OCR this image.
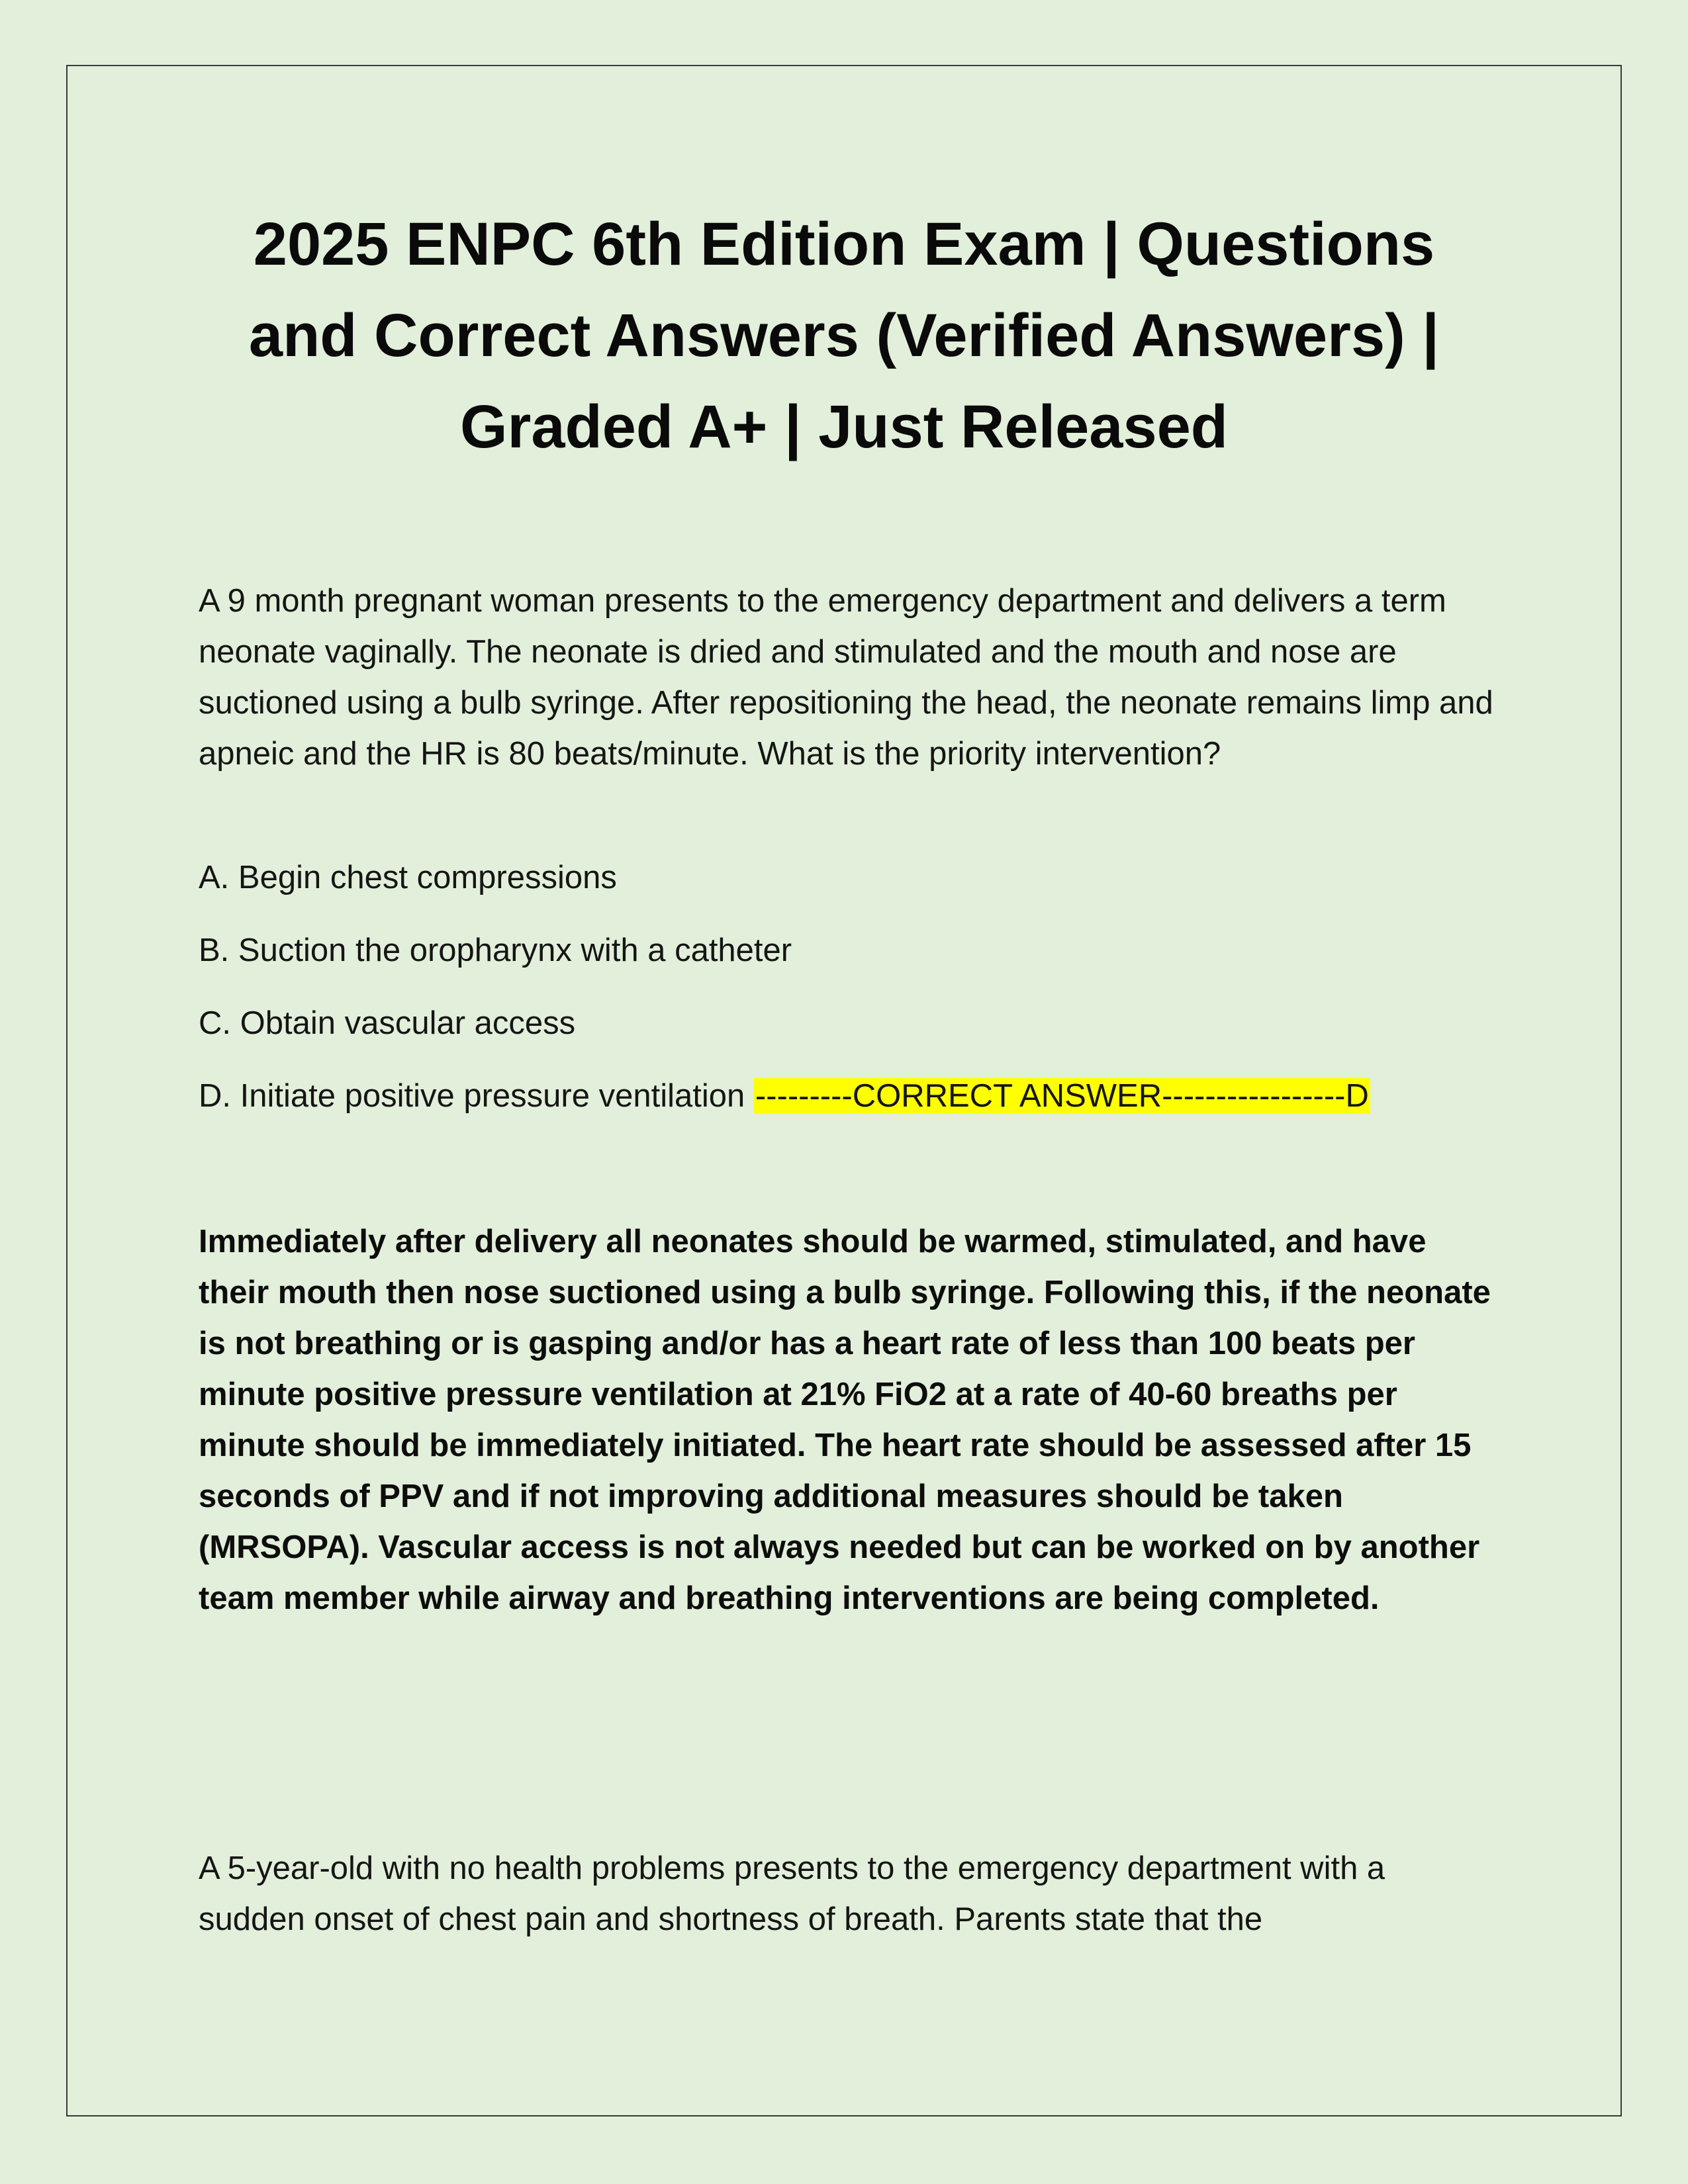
2025 ENPC 6th Edition Exam | Questions
and Correct Answers (Verified Answers) |
Graded A+ | Just Released

A 9 month pregnant woman presents to the emergency department and delivers a term neonate vaginally. The neonate is dried and stimulated and the mouth and nose are suctioned using a bulb syringe. After repositioning the head, the neonate remains limp and apneic and the HR is 80 beats/minute. What is the priority intervention?

A. Begin chest compressions

B. Suction the oropharynx with a catheter

C. Obtain vascular access

D. Initiate positive pressure ventilation ---------CORRECT ANSWER-----------------D

Immediately after delivery all neonates should be warmed, stimulated, and have their mouth then nose suctioned using a bulb syringe. Following this, if the neonate is not breathing or is gasping and/or has a heart rate of less than 100 beats per minute positive pressure ventilation at 21% FiO2 at a rate of 40-60 breaths per minute should be immediately initiated. The heart rate should be assessed after 15 seconds of PPV and if not improving additional measures should be taken (MRSOPA). Vascular access is not always needed but can be worked on by another team member while airway and breathing interventions are being completed.

A 5-year-old with no health problems presents to the emergency department with a sudden onset of chest pain and shortness of breath. Parents state that the
